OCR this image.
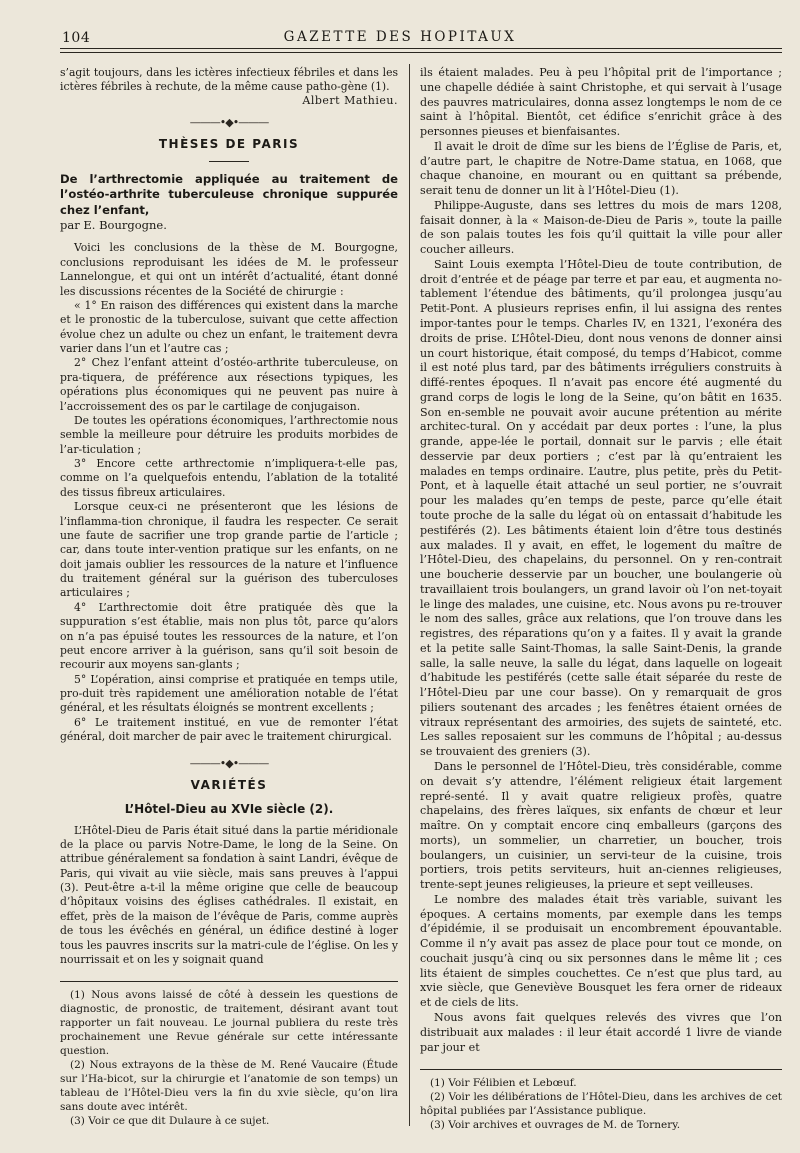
104	GAZETTE DES HOPITAUX

s’agit toujours, dans les ictères infectieux fébriles et dans les ictères fébriles à rechute, de la même cause patho-gène (1).

Albert Mathieu.

———•◆•———
THÈSES DE PARIS

De l’arthrectomie appliquée au traitement de l’ostéo-arthrite tuberculeuse chronique suppurée chez l’enfant,

par E. Bourgogne.

Voici les conclusions de la thèse de M. Bourgogne, conclusions reproduisant les idées de M. le professeur Lannelongue, et qui ont un intérêt d’actualité, étant donné les discussions récentes de la Société de chirurgie :

« 1° En raison des différences qui existent dans la marche et le pronostic de la tuberculose, suivant que cette affection évolue chez un adulte ou chez un enfant, le traitement devra varier dans l’un et l’autre cas ;

2° Chez l’enfant atteint d’ostéo-arthrite tuberculeuse, on pra-tiquera, de préférence aux résections typiques, les opérations plus économiques qui ne peuvent pas nuire à l’accroissement des os par le cartilage de conjugaison.

De toutes les opérations économiques, l’arthrectomie nous semble la meilleure pour détruire les produits morbides de l’ar-ticulation ;

3° Encore cette arthrectomie n’impliquera-t-elle pas, comme on l’a quelquefois entendu, l’ablation de la totalité des tissus fibreux articulaires.

Lorsque ceux-ci ne présenteront que les lésions de l’inflamma-tion chronique, il faudra les respecter. Ce serait une faute de sacrifier une trop grande partie de l’article ; car, dans toute inter-vention pratique sur les enfants, on ne doit jamais oublier les ressources de la nature et l’influence du traitement général sur la guérison des tuberculoses articulaires ;

4° L’arthrectomie doit être pratiquée dès que la suppuration s’est établie, mais non plus tôt, parce qu’alors on n’a pas épuisé toutes les ressources de la nature, et l’on peut encore arriver à la guérison, sans qu’il soit besoin de recourir aux moyens san-glants ;

5° L’opération, ainsi comprise et pratiquée en temps utile, pro-duit très rapidement une amélioration notable de l’état général, et les résultats éloignés se montrent excellents ;

6° Le traitement institué, en vue de remonter l’état général, doit marcher de pair avec le traitement chirurgical.

———•◆•———
VARIÉTÉS
L’Hôtel-Dieu au XVIe siècle (2).

L’Hôtel-Dieu de Paris était situé dans la partie méridionale de la place ou parvis Notre-Dame, le long de la Seine. On attribue généralement sa fondation à saint Landri, évêque de Paris, qui vivait au viie siècle, mais sans preuves à l’appui (3). Peut-être a-t-il la même origine que celle de beaucoup d’hôpitaux voisins des églises cathédrales. Il existait, en effet, près de la maison de l’évêque de Paris, comme auprès de tous les évêchés en général, un édifice destiné à loger tous les pauvres inscrits sur la matri-cule de l’église. On les y nourrissait et on les y soignait quand

(1) Nous avons laissé de côté à dessein les questions de diagnostic, de pronostic, de traitement, désirant avant tout rapporter un fait nouveau. Le journal publiera du reste très prochainement une Revue générale sur cette intéressante question.

(2) Nous extrayons de la thèse de M. René Vaucaire (Étude sur l’Ha-bicot, sur la chirurgie et l’anatomie de son temps) un tableau de l’Hôtel-Dieu vers la fin du xvie siècle, qu’on lira sans doute avec intérêt.

(3) Voir ce que dit Dulaure à ce sujet.

ils étaient malades. Peu à peu l’hôpital prit de l’importance ; une chapelle dédiée à saint Christophe, et qui servait à l’usage des pauvres matriculaires, donna assez longtemps le nom de ce saint à l’hôpital. Bientôt, cet édifice s’enrichit grâce à des personnes pieuses et bienfaisantes.

Il avait le droit de dîme sur les biens de l’Église de Paris, et, d’autre part, le chapitre de Notre-Dame statua, en 1068, que chaque chanoine, en mourant ou en quittant sa prébende, serait tenu de donner un lit à l’Hôtel-Dieu (1).

Philippe-Auguste, dans ses lettres du mois de mars 1208, faisait donner, à la « Maison-de-Dieu de Paris », toute la paille de son palais toutes les fois qu’il quittait la ville pour aller coucher ailleurs.

Saint Louis exempta l’Hôtel-Dieu de toute contribution, de droit d’entrée et de péage par terre et par eau, et augmenta no-tablement l’étendue des bâtiments, qu’il prolongea jusqu’au Petit-Pont. A plusieurs reprises enfin, il lui assigna des rentes impor-tantes pour le temps. Charles IV, en 1321, l’exonéra des droits de prise. L’Hôtel-Dieu, dont nous venons de donner ainsi un court historique, était composé, du temps d’Habicot, comme il est noté plus tard, par des bâtiments irréguliers construits à diffé-rentes époques. Il n’avait pas encore été augmenté du grand corps de logis le long de la Seine, qu’on bâtit en 1635. Son en-semble ne pouvait avoir aucune prétention au mérite architec-tural. On y accédait par deux portes : l’une, la plus grande, appe-lée le portail, donnait sur le parvis ; elle était desservie par deux portiers ; c’est par là qu’entraient les malades en temps ordinaire. L’autre, plus petite, près du Petit-Pont, et à laquelle était attaché un seul portier, ne s’ouvrait pour les malades qu’en temps de peste, parce qu’elle était toute proche de la salle du légat où on entassait d’habitude les pestiférés (2). Les bâtiments étaient loin d’être tous destinés aux malades. Il y avait, en effet, le logement du maître de l’Hôtel-Dieu, des chapelains, du personnel. On y ren-contrait une boucherie desservie par un boucher, une boulangerie où travaillaient trois boulangers, un grand lavoir où l’on net-toyait le linge des malades, une cuisine, etc. Nous avons pu re-trouver le nom des salles, grâce aux relations, que l’on trouve dans les registres, des réparations qu’on y a faites. Il y avait la grande et la petite salle Saint-Thomas, la salle Saint-Denis, la grande salle, la salle neuve, la salle du légat, dans laquelle on logeait d’habitude les pestiférés (cette salle était séparée du reste de l’Hôtel-Dieu par une cour basse). On y remarquait de gros piliers soutenant des arcades ; les fenêtres étaient ornées de vitraux représentant des armoiries, des sujets de sainteté, etc. Les salles reposaient sur les communs de l’hôpital ; au-dessus se trouvaient des greniers (3).

Dans le personnel de l’Hôtel-Dieu, très considérable, comme on devait s’y attendre, l’élément religieux était largement repré-senté. Il y avait quatre religieux profès, quatre chapelains, des frères laïques, six enfants de chœur et leur maître. On y comptait encore cinq emballeurs (garçons des morts), un sommelier, un charretier, un boucher, trois boulangers, un cuisinier, un servi-teur de la cuisine, trois portiers, trois petits serviteurs, huit an-ciennes religieuses, trente-sept jeunes religieuses, la prieure et sept veilleuses.

Le nombre des malades était très variable, suivant les époques. A certains moments, par exemple dans les temps d’épidémie, il se produisait un encombrement épouvantable. Comme il n’y avait pas assez de place pour tout ce monde, on couchait jusqu’à cinq ou six personnes dans le même lit ; ces lits étaient de simples couchettes. Ce n’est que plus tard, au xvie siècle, que Geneviève Bousquet les fera orner de rideaux et de ciels de lits.

Nous avons fait quelques relevés des vivres que l’on distribuait aux malades : il leur était accordé 1 livre de viande par jour et

(1) Voir Félibien et Lebœuf.

(2) Voir les délibérations de l’Hôtel-Dieu, dans les archives de cet hôpital publiées par l’Assistance publique.

(3) Voir archives et ouvrages de M. de Tornery.
